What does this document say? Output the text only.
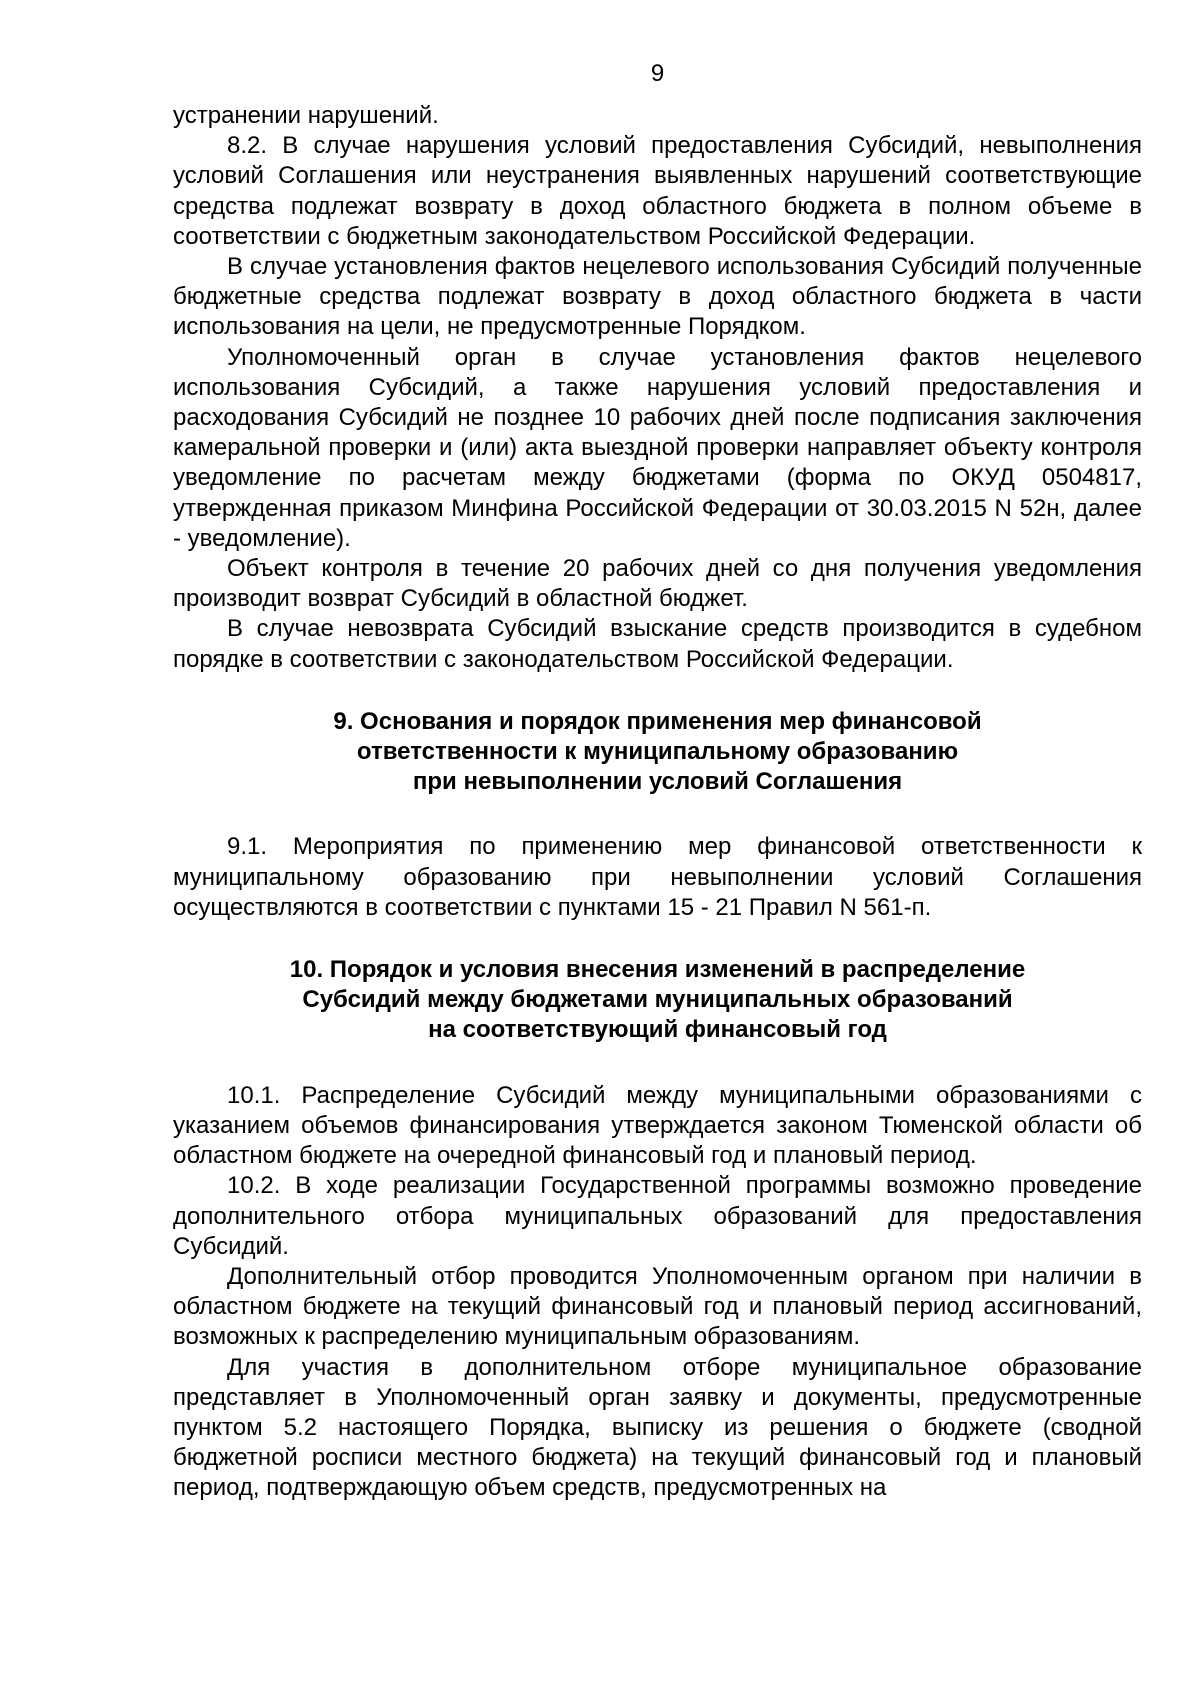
9

устранении нарушений.

8.2. В случае нарушения условий предоставления Субсидий, невыполнения условий Соглашения или неустранения выявленных нарушений соответствующие средства подлежат возврату в доход областного бюджета в полном объеме в соответствии с бюджетным законодательством Российской Федерации.

В случае установления фактов нецелевого использования Субсидий полученные бюджетные средства подлежат возврату в доход областного бюджета в части использования на цели, не предусмотренные Порядком.

Уполномоченный орган в случае установления фактов нецелевого использования Субсидий, а также нарушения условий предоставления и расходования Субсидий не позднее 10 рабочих дней после подписания заключения камеральной проверки и (или) акта выездной проверки направляет объекту контроля уведомление по расчетам между бюджетами (форма по ОКУД 0504817, утвержденная приказом Минфина Российской Федерации от 30.03.2015 N 52н, далее - уведомление).

Объект контроля в течение 20 рабочих дней со дня получения уведомления производит возврат Субсидий в областной бюджет.

В случае невозврата Субсидий взыскание средств производится в судебном порядке в соответствии с законодательством Российской Федерации.

9. Основания и порядок применения мер финансовой
ответственности к муниципальному образованию
при невыполнении условий Соглашения

9.1. Мероприятия по применению мер финансовой ответственности к муниципальному образованию при невыполнении условий Соглашения осуществляются в соответствии с пунктами 15 - 21 Правил N 561-п.

10. Порядок и условия внесения изменений в распределение
Субсидий между бюджетами муниципальных образований
на соответствующий финансовый год

10.1. Распределение Субсидий между муниципальными образованиями с указанием объемов финансирования утверждается законом Тюменской области об областном бюджете на очередной финансовый год и плановый период.

10.2. В ходе реализации Государственной программы возможно проведение дополнительного отбора муниципальных образований для предоставления Субсидий.

Дополнительный отбор проводится Уполномоченным органом при наличии в областном бюджете на текущий финансовый год и плановый период ассигнований, возможных к распределению муниципальным образованиям.

Для участия в дополнительном отборе муниципальное образование представляет в Уполномоченный орган заявку и документы, предусмотренные пунктом 5.2 настоящего Порядка, выписку из решения о бюджете (сводной бюджетной росписи местного бюджета) на текущий финансовый год и плановый период, подтверждающую объем средств, предусмотренных на
